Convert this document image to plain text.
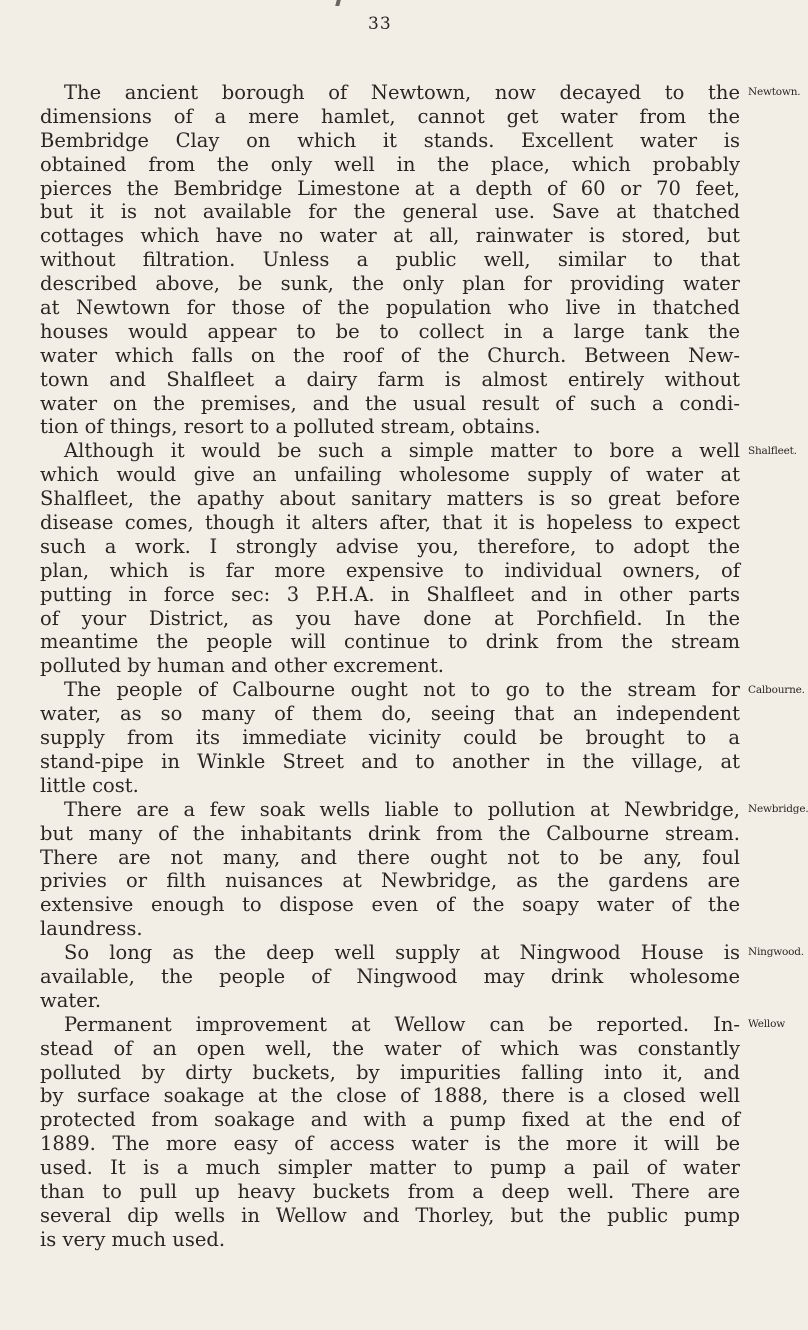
33
The ancient borough of Newtown, now decayed to the
dimensions of a mere hamlet, cannot get water from the
Bembridge Clay on which it stands. Excellent water is
obtained from the only well in the place, which probably
pierces the Bembridge Limestone at a depth of 60 or 70 feet,
but it is not available for the general use. Save at thatched
cottages which have no water at all, rainwater is stored, but
without filtration. Unless a public well, similar to that
described above, be sunk, the only plan for providing water
at Newtown for those of the population who live in thatched
houses would appear to be to collect in a large tank the
water which falls on the roof of the Church. Between New-
town and Shalfleet a dairy farm is almost entirely without
water on the premises, and the usual result of such a condi-
tion of things, resort to a polluted stream, obtains.
Although it would be such a simple matter to bore a well
which would give an unfailing wholesome supply of water at
Shalfleet, the apathy about sanitary matters is so great before
disease comes, though it alters after, that it is hopeless to expect
such a work. I strongly advise you, therefore, to adopt the
plan, which is far more expensive to individual owners, of
putting in force sec: 3 P.H.A. in Shalfleet and in other parts
of your District, as you have done at Porchfield. In the
meantime the people will continue to drink from the stream
polluted by human and other excrement.
The people of Calbourne ought not to go to the stream for
water, as so many of them do, seeing that an independent
supply from its immediate vicinity could be brought to a
stand-pipe in Winkle Street and to another in the village, at
little cost.
There are a few soak wells liable to pollution at Newbridge,
but many of the inhabitants drink from the Calbourne stream.
There are not many, and there ought not to be any, foul
privies or filth nuisances at Newbridge, as the gardens are
extensive enough to dispose even of the soapy water of the
laundress.
So long as the deep well supply at Ningwood House is
available, the people of Ningwood may drink wholesome
water.
Permanent improvement at Wellow can be reported. In-
stead of an open well, the water of which was constantly
polluted by dirty buckets, by impurities falling into it, and
by surface soakage at the close of 1888, there is a closed well
protected from soakage and with a pump fixed at the end of
1889. The more easy of access water is the more it will be
used. It is a much simpler matter to pump a pail of water
than to pull up heavy buckets from a deep well. There are
several dip wells in Wellow and Thorley, but the public pump
is very much used.
Newtown.
Shalfleet.
Calbourne.
Newbridge.
Ningwood.
Wellow
